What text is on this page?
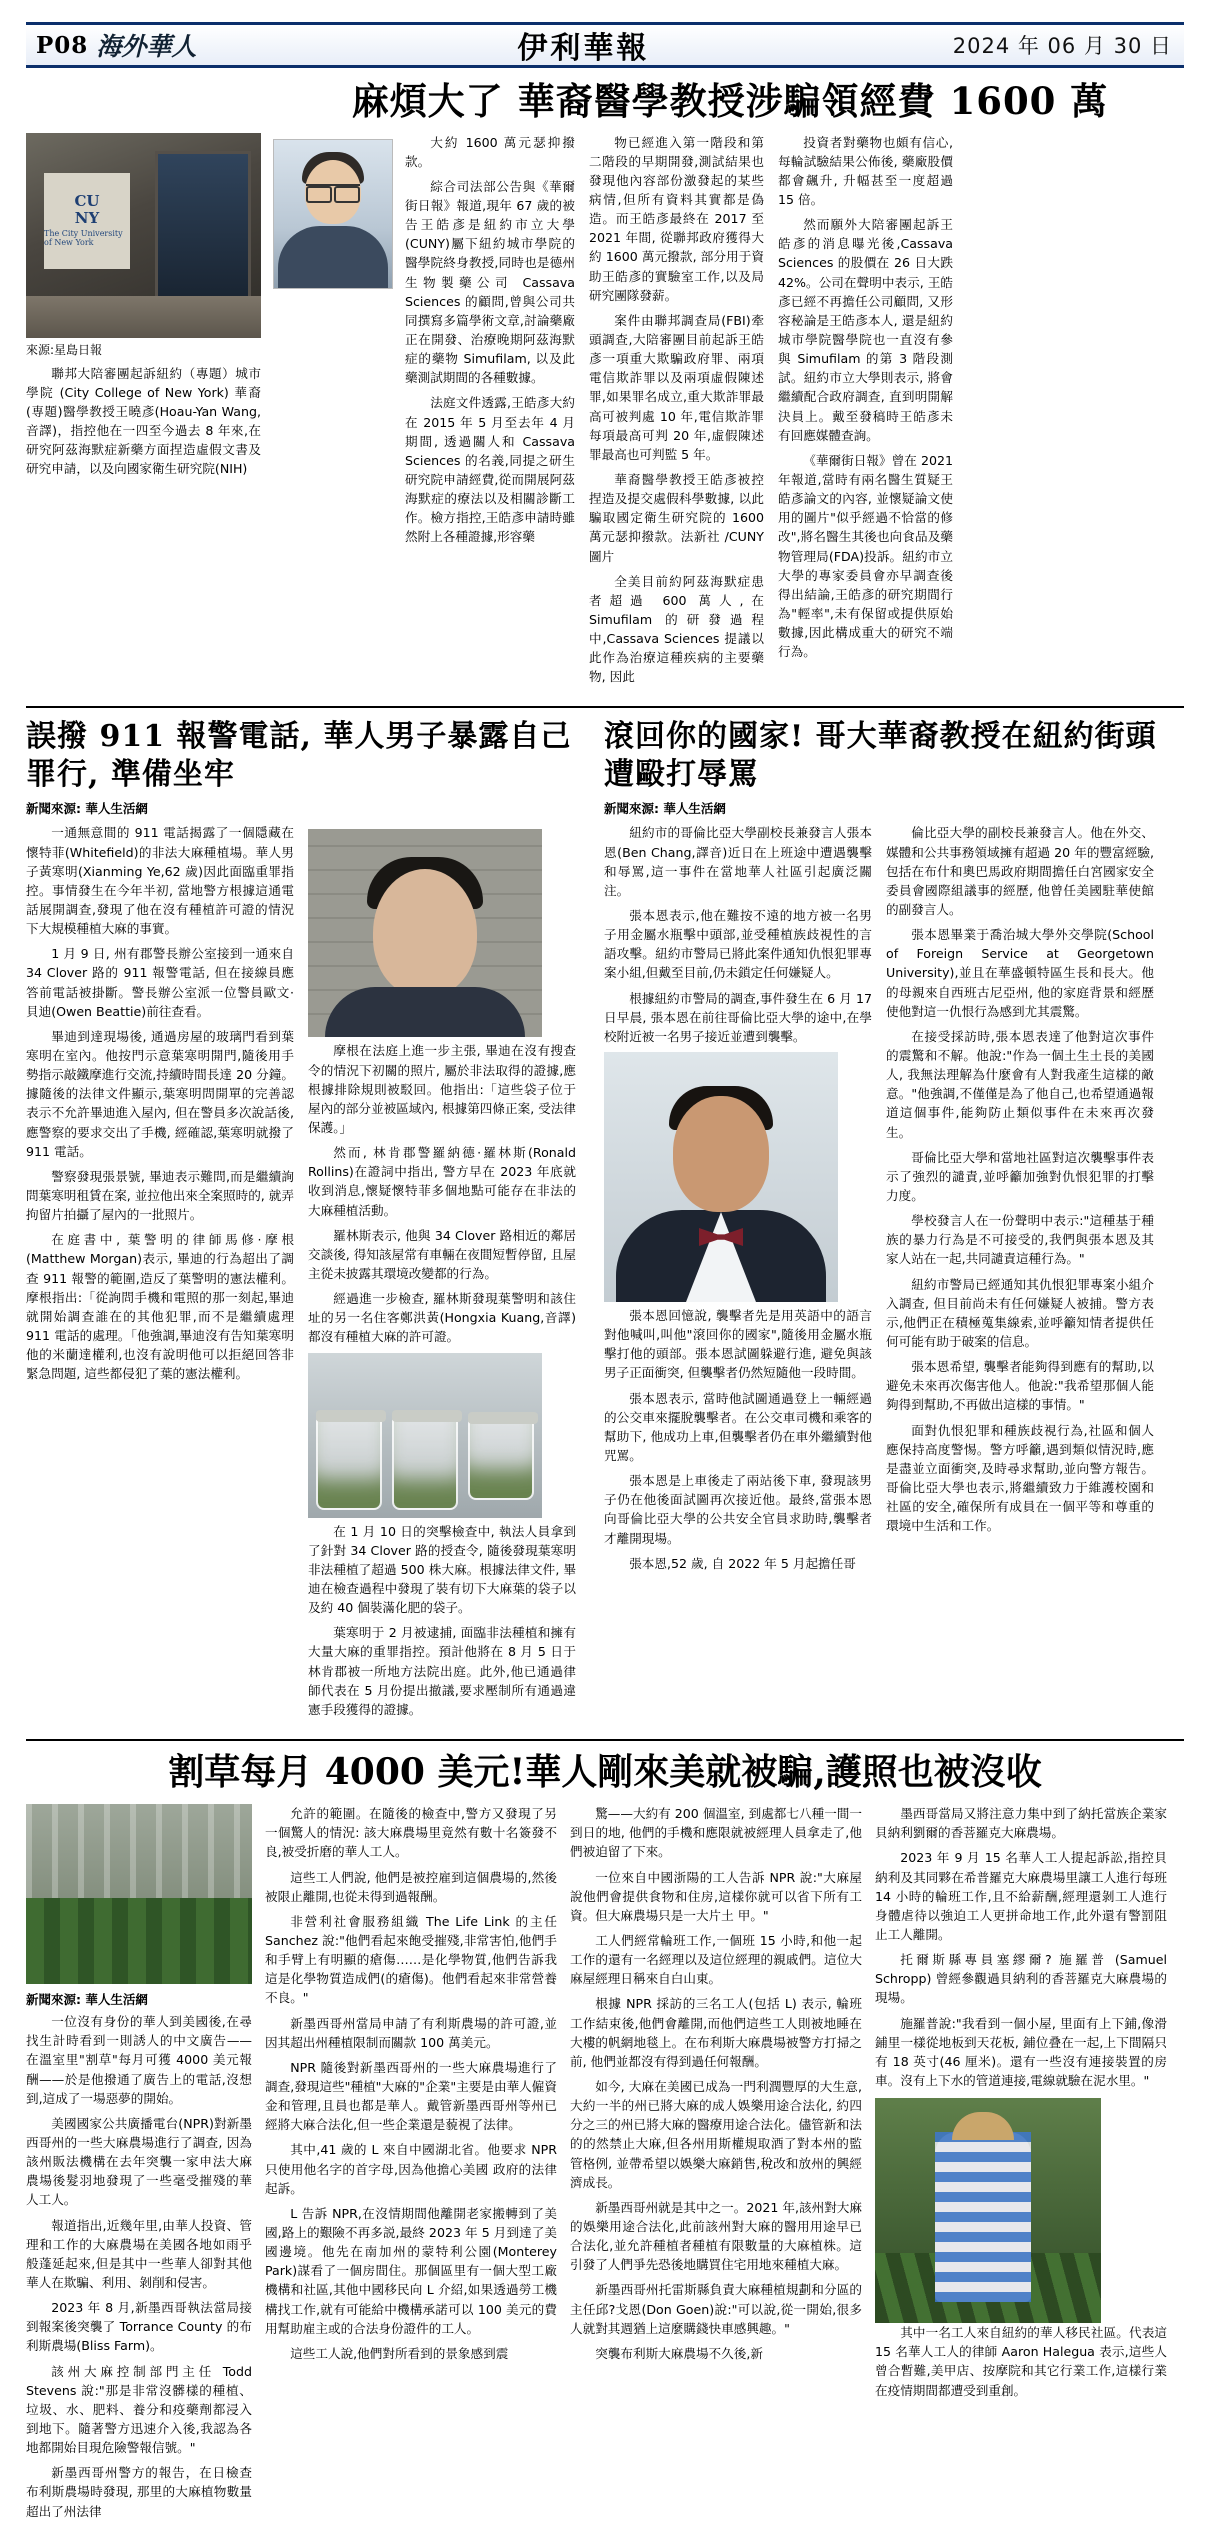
P08 海外華人	伊利華報	2024 年 06 月 30 日
麻煩大了 華裔醫學教授涉騙領經費 1600 萬
CU
NY
The City University of New York
來源:星島日報

聯邦大陪審團起訴紐約（專題）城市學院 (City College of New York) 華裔(専題)醫學教授王曉彥(Hoau-Yan Wang,音譯)，指控他在一四至今過去 8 年來,在研究阿茲海默症新藥方面捏造虛假文書及研究申請，以及向國家衛生研究院(NIH)

大約 1600 萬元瑟抑撥款。

綜合司法部公告與《華爾街日報》報道,現年 67 歲的被告王皓彥是紐約市立大學(CUNY)屬下紐約城市學院的醫學院終身教授,同時也是德州生物製藥公司 Cassava Sciences 的顧問,曾與公司共同撰寫多篇學術文章,討論藥廠正在開發、治療晚期阿茲海默症的藥物 Simufilam, 以及此藥測試期間的各種數據。

法庭文件透露,王皓彥大約在 2015 年 5 月至去年 4 月期間, 透過關人和 Cassava Sciences 的名義,同提之研生研究院申請經費,從而開展阿茲海默症的療法以及相關診斷工作。檢方指控,王皓彥申請時雖然附上各種證據,形容藥

物已經進入第一階段和第二階段的早期開發,測試結果也發現他內容部份激發起的某些病情,但所有資料其實都是偽造。而王皓彥最終在 2017 至 2021 年間, 從聯邦政府獲得大約 1600 萬元撥款, 部分用于資助王皓彥的實驗室工作,以及局研究團隊發薪。

案件由聯邦調查局(FBI)牽頭調查,大陪審團目前起訴王皓彥一項重大欺騙政府罪、兩項電信欺詐罪以及兩項虛假陳述罪,如果罪名成立,重大欺詐罪最高可被判處 10 年,電信欺詐罪每項最高可判 20 年,虛假陳述罪最高也可判監 5 年。

華裔醫學教授王皓彥被控捏造及提交處假科學數據, 以此騙取國定衛生研究院的 1600 萬元瑟抑撥款。法新社 /CUNY 圖片

全美目前約阿茲海默症患者超過 600 萬人,在 Simufilam 的研發過程中,Cassava Sciences 提議以此作為治療這種疾病的主要藥物, 因此

投資者對藥物也頗有信心, 每輪試驗結果公佈後, 藥廠股價都會飆升, 升幅甚至一度超過 15 倍。

然而願外大陪審團起訴王皓彥的消息曝光後,Cassava Sciences 的股價在 26 日大跌 42%。公司在聲明中表示, 王皓彥已經不再擔任公司顧問, 又形容秘論是王皓彥本人, 還是紐約城市學院醫學院也一直沒有參與 Simufilam 的第 3 階段測試。紐約市立大學則表示, 將會繼續配合政府調查, 直到明開解決員上。戴至發稿時王皓彥未有回應媒體查詢。

《華爾街日報》曾在 2021 年報道,當時有兩名醫生質疑王皓彥論文的內容, 並懷疑論文使用的圖片"似乎經過不恰當的修改",將名醫生其後也向食品及藥物管理局(FDA)投訴。紐約市立大學的專家委員會亦早調查後得出結論,王皓彥的研究期間行為"輕率",未有保留或提供原始數據,因此構成重大的研究不端行為。

誤撥 911 報警電話, 華人男子暴露自己罪行, 準備坐牢
新聞來源: 華人生活網

一通無意間的 911 電話揭露了一個隱藏在懷特菲(Whitefield)的非法大麻種植場。華人男子黃寒明(Xianming Ye,62 歲)因此面臨重罪指控。事情發生在今年半初, 當地警方根據這通電話展開調查,發現了他在沒有種植許可證的情況下大規模種植大麻的事實。

1 月 9 日, 州有郡警長辦公室接到一通來自 34 Clover 路的 911 報警電話, 但在接線員應答前電話被掛斷。警長辦公室派一位警員歐文·貝迪(Owen Beattie)前往查看。

畢迪到達現場後, 通過房屋的玻璃門看到葉寒明在室內。他按門示意葉寒明開門,隨後用手勢指示敲鐵摩進行交流,持續時間長達 20 分鐘。據隨後的法律文件顯示,葉寒明問開單的完善認表示不允許畢迪進入屋內, 但在警員多次說話後, 應警察的要求交出了手機, 經確認,葉寒明就撥了 911 電話。

警察發現張景號, 畢迪表示難問,而是繼續詢問葉寒明租賃在案, 並拉他出來全案照時的, 就弄拘留片拍攝了屋內的一批照片。

在庭書中, 葉警明的律師馬修·摩根(Matthew Morgan)表示, 畢迪的行為超出了調查 911 報警的範圍,造反了葉警明的憲法權利。摩根指出:「從詢問手機和電照的那一刻起,畢迪就開始調查誰在的其他犯罪,而不是繼續處理 911 電話的處理。「他強調,畢迪沒有告知葉寒明他的米蘭達權利,也沒有說明他可以拒絕回答非緊急問題, 這些都侵犯了葉的憲法權利。

摩根在法庭上進一步主張, 畢迪在沒有搜查令的情況下初關的照片, 屬於非法取得的證據,應根據排除規則被駁回。他指出:「這些袋子位于屋內的部分並被區域內, 根據第四條正案, 受法律保護。」

然而, 林肯郡警羅納德·羅林斯(Ronald Rollins)在證詞中指出, 警方早在 2023 年底就收到消息,懷疑懷特菲多個地點可能存在非法的大麻種植活動。

羅林斯表示, 他與 34 Clover 路相近的鄰居交談後, 得知該屋常有車輛在夜間短暫停留, 且屋主從未披露其環境改變都的行為。

經過進一步檢查, 羅林斯發現葉警明和該住址的另一名住客鄭洪黃(Hongxia Kuang,音譯)都沒有種植大麻的許可證。

在 1 月 10 日的突擊檢查中, 執法人員拿到了針對 34 Clover 路的授查令, 隨後發現葉寒明非法種植了超過 500 株大麻。根據法律文件, 畢迪在檢查過程中發現了裝有切下大麻葉的袋子以及約 40 個裝滿化肥的袋子。

葉寒明于 2 月被逮捕, 面臨非法種植和擁有大量大麻的重罪指控。預計他將在 8 月 5 日于林肯郡被一所地方法院出庭。此外,他已通過律師代表在 5 月份提出撤議,要求壓制所有通過違憲手段獲得的證據。

滾回你的國家! 哥大華裔教授在紐約街頭遭毆打辱罵
新聞來源: 華人生活網

紐約市的哥倫比亞大學副校長兼發言人張本恩(Ben Chang,譯音)近日在上班途中遭遇襲擊和辱罵,這一事件在當地華人社區引起廣泛關注。

張本恩表示,他在難按不遠的地方被一名男子用金屬水瓶擊中頭部,並受種植族歧視性的言語攻擊。紐約市警局已將此案件通知仇恨犯罪專案小組,但戴至目前,仍未鎖定任何嫌疑人。

根據紐約市警局的調查,事件發生在 6 月 17 日早晨, 張本恩在前往哥倫比亞大學的途中,在學校附近被一名男子接近並遭到襲擊。

張本恩回憶說, 襲擊者先是用英語中的語言對他喊叫,叫他"滾回你的國家",隨後用金屬水瓶擊打他的頭部。張本恩試圖躲避行進, 避免與該男子正面衝突, 但襲擊者仍然短隨他一段時間。

張本恩表示, 當時他試圖通過登上一輛經過的公交車來擺脫襲擊者。在公交車司機和乘客的幫助下, 他成功上車,但襲擊者仍在車外繼續對他咒罵。

張本恩是上車後走了兩站後下車, 發現該男子仍在他後面試圖再次接近他。最終,當張本恩向哥倫比亞大學的公共安全官員求助時,襲擊者才離開現場。

張本恩,52 歲, 自 2022 年 5 月起擔任哥

倫比亞大學的副校長兼發言人。他在外交、媒體和公共事務領域擁有超過 20 年的豐富經驗,包括在布什和奧巴馬政府期間擔任白宮國家安全委員會國際組議事的經歷, 他曾任美國駐華使館的副發言人。

張本恩畢業于喬治城大學外交學院(School of Foreign Service at Georgetown University),並且在華盛頓特區生長和長大。他的母親來自西班古尼亞州, 他的家庭背景和經歷使他對這一仇恨行為感到尤其震驚。

在接受採訪時,張本恩表達了他對這次事件的震驚和不解。他說:"作為一個土生土長的美國人, 我無法理解為什麼會有人對我產生這樣的敵意。"他強調,不僅僅是為了他自己,也希望通過報道這個事件,能夠防止類似事件在未來再次發生。

哥倫比亞大學和當地社區對這次襲擊事件表示了強烈的譴責,並呼籲加強對仇恨犯罪的打擊力度。

學校發言人在一份聲明中表示:"這種基于種族的暴力行為是不可接受的,我們與張本恩及其家人站在一起,共同譴責這種行為。"

紐約市警局已經通知其仇恨犯罪專案小組介入調查, 但目前尚未有任何嫌疑人被捕。警方表示,他們正在積極蒐集線索,並呼籲知情者提供任何可能有助于破案的信息。

張本恩希望, 襲擊者能夠得到應有的幫助,以避免未來再次傷害他人。他說:"我希望那個人能夠得到幫助,不再做出這樣的事情。"

面對仇恨犯罪和種族歧視行為,社區和個人應保持高度警惕。警方呼籲,遇到類似情況時,應是盡並立面衝突,及時尋求幫助,並向警方報告。哥倫比亞大學也表示,將繼續致力于維護校園和社區的安全,確保所有成員在一個平等和尊重的環境中生活和工作。

割草每月 4000 美元!華人剛來美就被騙,護照也被沒收
新聞來源: 華人生活網

一位沒有身份的華人到美國後,在尋找生計時看到一則誘人的中文廣告——在溫室里"割草"每月可獲 4000 美元報酬——於是他撥通了廣告上的電話,沒想到,這成了一場惡夢的開始。

美國國家公共廣播電台(NPR)對新墨西哥州的一些大麻農場進行了調查, 因為該州販法機構在去年突襲一家申法大麻農場後髮羽地發現了一些毫受摧殘的華人工人。

報道指出,近幾年里,由華人投資、管理和工作的大麻農場在美國各地如雨乎般蓬延起來,但是其中一些華人卻對其他華人在欺騙、利用、剝削和侵害。

2023 年 8 月,新墨西哥執法當局接到報案後突襲了 Torrance County 的布利斯農場(Bliss Farm)。

該州大麻控制部門主任 Todd Stevens 說:"那是非常沒髒樣的種植、垃圾、水、肥料、養分和疫藥劑都浸入到地下。隨著警方迅速介入後,我認為各地都開始目現危險警報信號。"

新墨西哥州警方的報告，在日檢查布利斯農場時發現, 那里的大麻植物數量超出了州法律

允許的範圍。在隨後的檢查中,警方又發現了另一個驚人的情況: 該大麻農場里竟然有數十名簽發不良,被受折磨的華人工人。

這些工人們說, 他們是被控雇到這個農場的,然後被限止離開,也從未得到過報酬。

非營利社會服務組織 The Life Link 的主任 Sanchez 說:"他們看起來飽受摧殘,非常害怕,他們手和手臂上有明顯的瘡傷……是化學物質,他們告訴我這是化學物質造成們(的瘡傷)。他們看起來非常營養不良。"

新墨西哥州當局申請了有利斯農場的許可證,並因其超出州種植限制而關款 100 萬美元。

NPR 隨後對新墨西哥州的一些大麻農場進行了調查,發現這些"種植"大麻的"企業"主要是由華人僱資金和管理,且員也都是華人。戴管新墨西哥州等州已經將大麻合法化,但一些企業還是藐視了法律。

其中,41 歲的 L 來自中國湖北省。他要求 NPR 只使用他名字的首字母,因為他擔心美國 政府的法律起訴。

L 告訴 NPR,在沒情期間他離開老家搬轉到了美國,路上的艱險不再多説,最終 2023 年 5 月到達了美國邊境。他先在南加州的蒙特利公園(Monterey Park)謀看了一個房間住。那個區里有一個大型工廠機構和社區,其他中國移民向 L 介紹,如果透過勞工機構找工作,就有可能給中機構承諾可以 100 美元的費用幫助雇主或的合法身份證件的工人。

這些工人說,他們對所看到的景象感到震

驚——大約有 200 個溫室, 到處都七八種一間一到日的地, 他們的手機和應限就被經理人員拿走了,他們被迫留了下來。

一位來自中國浙陽的工人告訴 NPR 說:"大麻屋說他們會提供食物和住房,這樣你就可以省下所有工資。但大麻農場只是一大片土 甲。"

工人們經常輪班工作,一個班 15 小時,和他一起工作的還有一名經理以及這位經理的親戚們。這位大麻屋經理日稱來自白山東。

根據 NPR 採訪的三名工人(包括 L) 表示, 輪班工作結束後,他們會離開,而他們這些工人則被地睡在大樓的帆網地毯上。在布利斯大麻農場被警方打掃之前, 他們並都沒有得到過任何報酬。

如今, 大麻在美國已成為一門利潤豐厚的大生意,大約一半的州已將大麻的成人娛樂用途合法化, 約四分之三的州已將大麻的醫療用途合法化。儘管新和法的的然禁止大麻,但各州用斯權規取酒了對本州的監管格例, 並帶希望以娛樂大麻銷售,稅改和放州的興經濟成長。

新墨西哥州就是其中之一。2021 年,該州對大麻的娛樂用途合法化,此前該州對大麻的醫用用途早已合法化,並允許種植者種植有限數量的大麻植株。這引發了人們爭先恐後地購買住宅用地來種植大麻。

新墨西哥州托雷斯縣負責大麻種植規劃和分區的主任邱?戈恩(Don Goen)說:"可以說,從一開始,很多人就對其週猶上這麼購錢快車感興趣。"

突襲布利斯大麻農場不久後,新

墨西哥當局又將注意力集中到了納托當族企業家貝納利劉爾的香菩羅克大麻農場。

2023 年 9 月 15 名華人工人提起訴訟,指控貝納利及其同夥在希普羅克大麻農場里讓工人進行每班 14 小時的輪班工作,且不給薪酬,經理還剝工人進行身體虐待以強迫工人更拼命地工作,此外還有警罰阻止工人離開。

托爾斯縣專員塞繆爾? 施羅普 (Samuel Schropp) 曾經參觀過貝納利的香菩羅克大麻農場的現場。

施羅普說:"我看到一個小屋, 里面有上下鋪,像滑鋪里一樣從地板到天花板, 鋪位叠在一起,上下間隔只有 18 英寸(46 厘米)。還有一些沒有連接裝置的房車。沒有上下水的管道連接,電線就驗在泥水里。"

其中一名工人來自紐約的華人移民社區。代表這 15 名華人工人的律師 Aaron Halegua 表示,這些人曾合暫難,美甲店、按摩院和其它行業工作,這樣行業在疫情期間都遭受到重創。
